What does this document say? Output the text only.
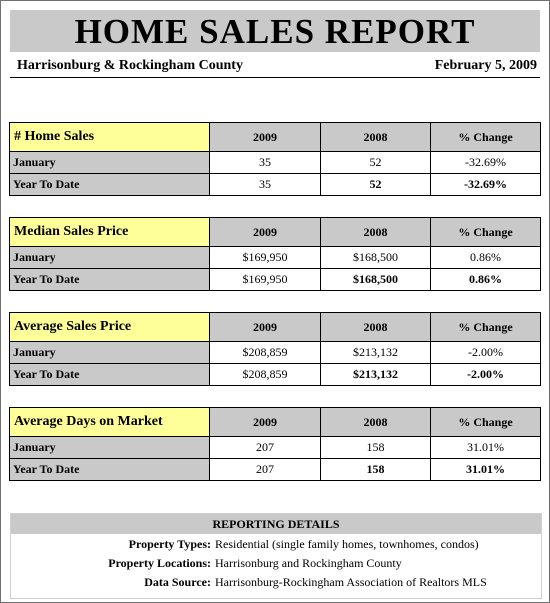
HOME SALES REPORT
Harrisonburg & Rockingham County	February 5, 2009
# Home Sales	2009	2008	% Change
January	35	52	-32.69%
Year To Date	35	52	-32.69%
Median Sales Price	2009	2008	% Change
January	$169,950	$168,500	0.86%
Year To Date	$169,950	$168,500	0.86%
Average Sales Price	2009	2008	% Change
January	$208,859	$213,132	-2.00%
Year To Date	$208,859	$213,132	-2.00%
Average Days on Market	2009	2008	% Change
January	207	158	31.01%
Year To Date	207	158	31.01%
REPORTING DETAILS
Property Types: Residential (single family homes, townhomes, condos)
Property Locations: Harrisonburg and Rockingham County
Data Source: Harrisonburg-Rockingham Association of Realtors MLS
